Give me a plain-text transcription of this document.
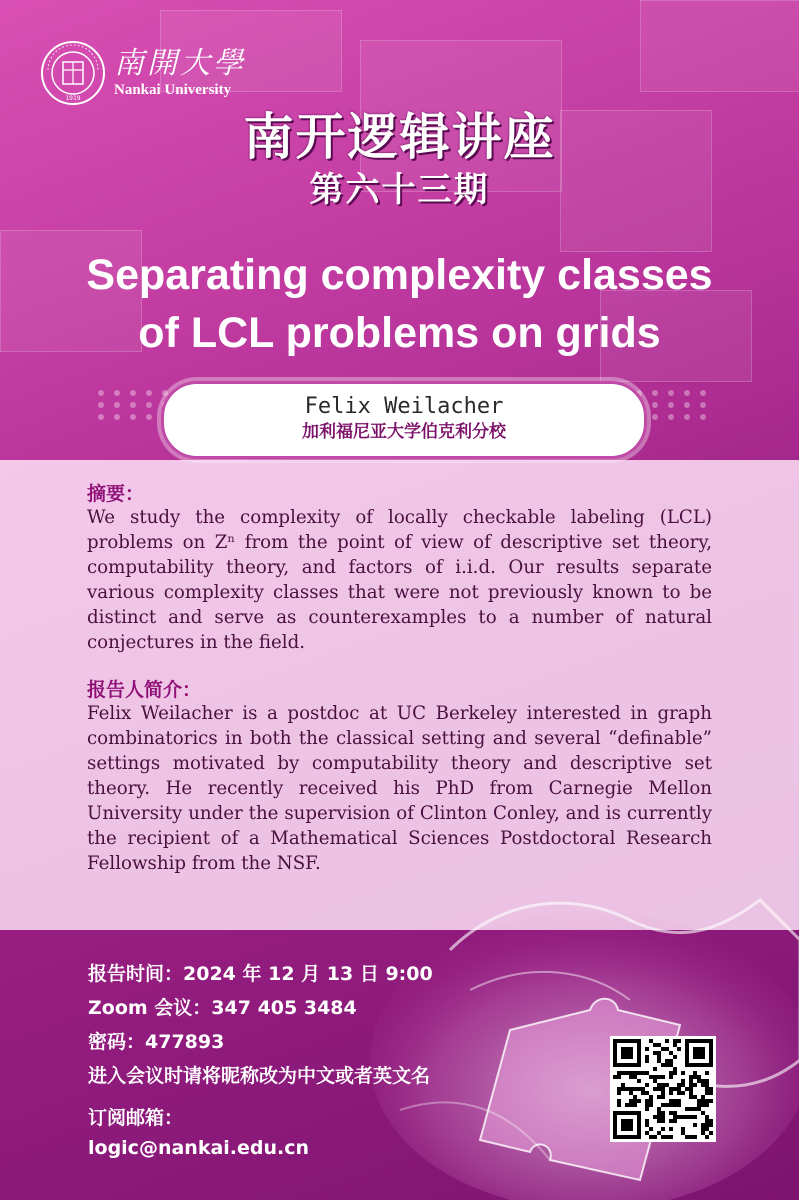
1919
南開大學
Nankai University
南开逻辑讲座
第六十三期
Separating complexity classes
of LCL problems on grids
Felix Weilacher
加利福尼亚大学伯克利分校
摘要：
We study the complexity of locally checkable labeling (LCL) problems on Zⁿ from the point of view of descriptive set theory, computability theory, and factors of i.i.d. Our results separate various complexity classes that were not previously known to be distinct and serve as counterexamples to a number of natural conjectures in the field.
报告人简介：
Felix Weilacher is a postdoc at UC Berkeley interested in graph combinatorics in both the classical setting and several “definable” settings motivated by computability theory and descriptive set theory. He recently received his PhD from Carnegie Mellon University under the supervision of Clinton Conley, and is currently the recipient of a Mathematical Sciences Postdoctoral Research Fellowship from the NSF.
报告时间：2024 年 12 月 13 日 9:00
Zoom 会议：347 405 3484
密码：477893
进入会议时请将昵称改为中文或者英文名
订阅邮箱：
logic@nankai.edu.cn
